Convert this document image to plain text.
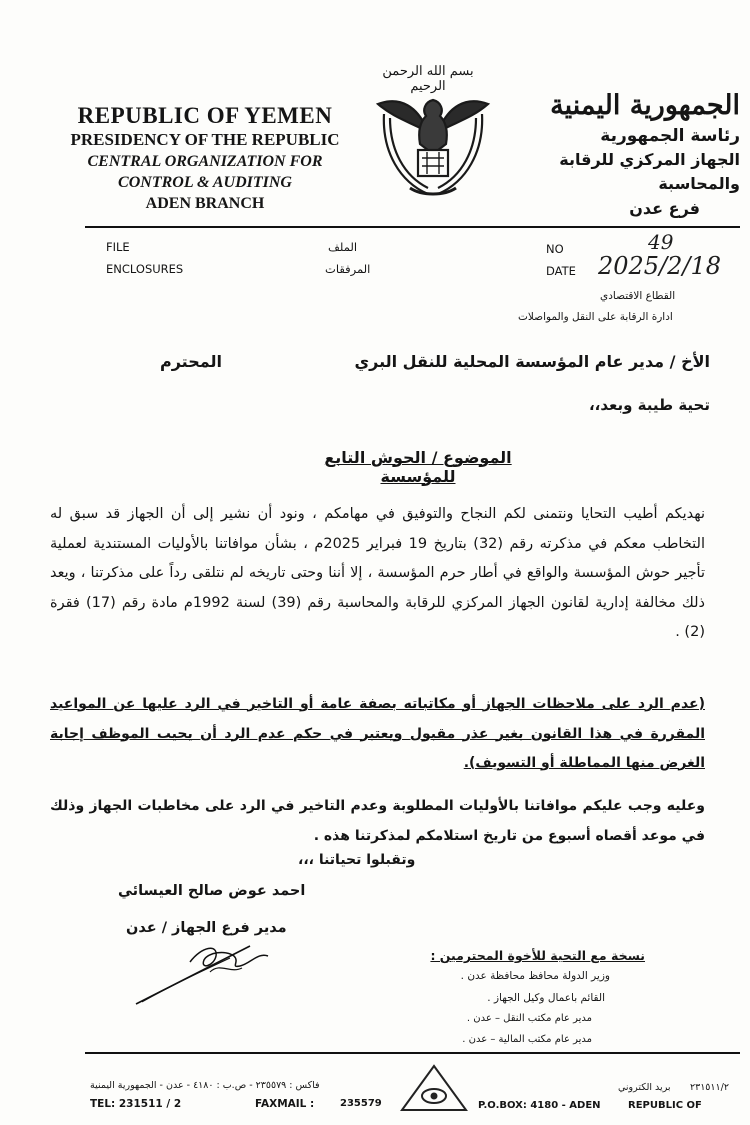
بسم الله الرحمن الرحيم
REPUBLIC OF YEMEN
PRESIDENCY OF THE REPUBLIC
CENTRAL ORGANIZATION FOR
CONTROL & AUDITING
ADEN BRANCH
الجمهورية اليمنية
رئاسة الجمهورية
الجهاز المركزي للرقابة والمحاسبة
فرع عدن
FILE
ENCLOSURES
الملف
المرفقات
NO	49
DATE 2025/2/18
القطاع الاقتصادي
ادارة الرقابة على النقل والمواصلات
الأخ / مدير عام المؤسسة المحلية للنقل البري
المحترم
تحية طيبة وبعد،،
الموضوع / الحوش التابع للمؤسسة
نهديكم أطيب التحايا ونتمنى لكم النجاح والتوفيق في مهامكم ، ونود أن نشير إلى أن الجهاز قد سبق له التخاطب معكم في مذكرته رقم (32) بتاريخ 19 فبراير 2025م ، بشأن موافاتنا بالأوليات المستندية لعملية تأجير حوش المؤسسة والواقع في أطار حرم المؤسسة ، إلا أننا وحتى تاريخه لم نتلقى رداً على مذكرتنا ، ويعد ذلك مخالفة إدارية لقانون الجهاز المركزي للرقابة والمحاسبة رقم (39) لسنة 1992م مادة رقم (17) فقرة (2) .
(عدم الرد على ملاحظات الجهاز أو مكاتباته بصفة عامة أو التاخير في الرد عليها عن المواعيد المقررة في هذا القانون بغير عذر مقبول ويعتبر في حكم عدم الرد أن يحيب الموظف إجابة الغرض منها المماطلة أو التسويف).
وعليه وجب عليكم موافاتنا بالأوليات المطلوبة وعدم التاخير في الرد على مخاطبات الجهاز وذلك في موعد أقصاه أسبوع من تاريخ استلامكم لمذكرتنا هذه .
وتقبلوا تحياتنا ،،،
احمد عوض صالح العيسائي
مدير فرع الجهاز / عدن
نسخة مع التحية للأخوة المحترمين :
وزير الدولة محافظ محافظة عدن .
القائم باعمال وكيل الجهاز .
مدير عام مكتب النقل – عدن .
مدير عام مكتب المالية – عدن .
فاكس : ٢٣٥٥٧٩ - ص.ب : ٤١٨٠ - عدن - الجمهورية اليمنية
TEL: 231511 / 2	FAXMAIL :	235579	P.O.BOX: 4180 - ADEN	REPUBLIC OF
بريد الكتروني ٢٣١٥١١/٢
